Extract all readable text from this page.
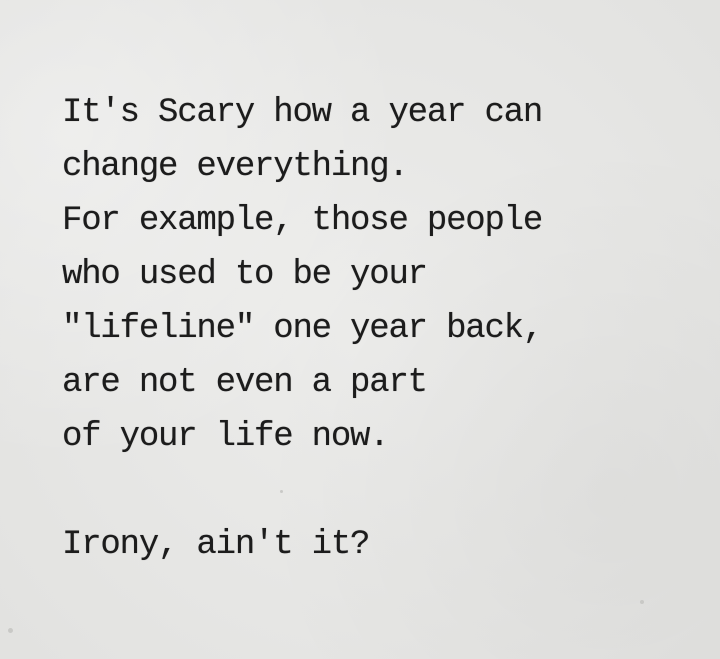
It's Scary how a year can
change everything.
For example, those people
who used to be your
"lifeline" one year back,
are not even a part
of your life now.
Irony, ain't it?
